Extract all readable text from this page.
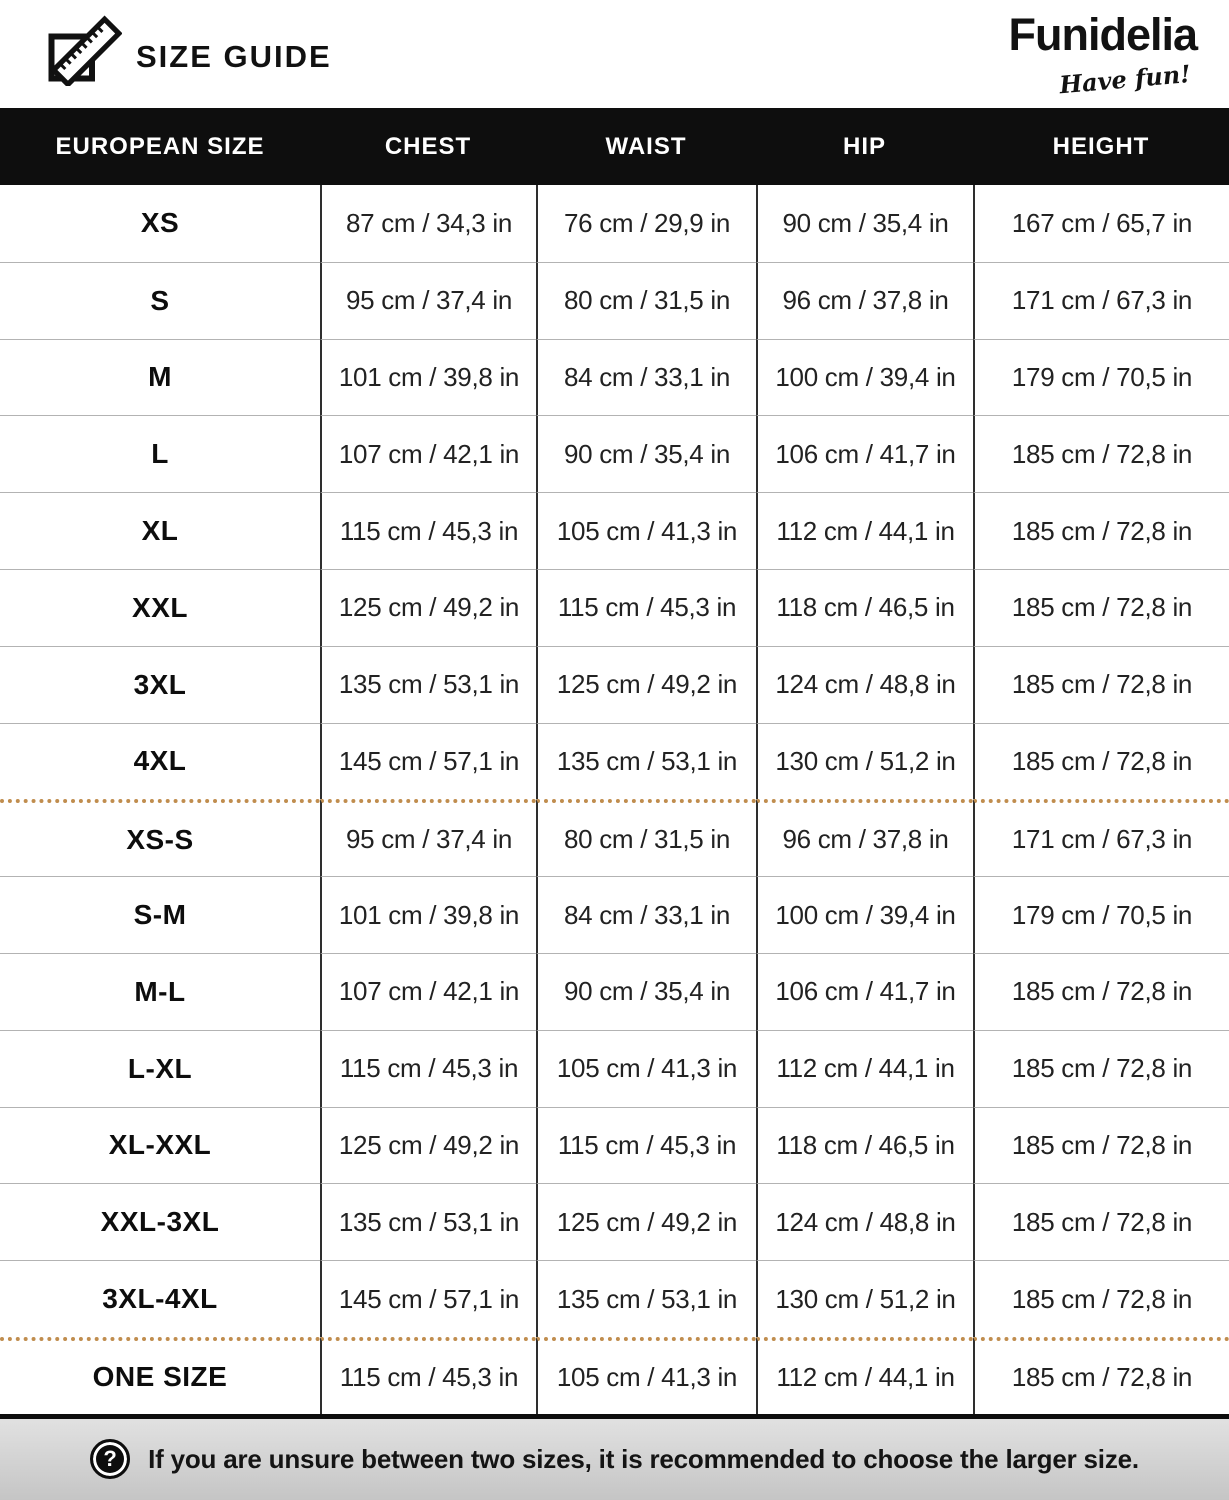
SIZE GUIDE	Funidelia
Have fun!
EUROPEAN SIZE	CHEST	WAIST	HIP	HEIGHT
XS	87 cm / 34,3 in	76 cm / 29,9 in	90 cm / 35,4 in	167 cm / 65,7 in
S	95 cm / 37,4 in	80 cm / 31,5 in	96 cm / 37,8 in	171 cm / 67,3 in
M	101 cm / 39,8 in	84 cm / 33,1 in	100 cm / 39,4 in	179 cm / 70,5 in
L	107 cm / 42,1 in	90 cm / 35,4 in	106 cm / 41,7 in	185 cm / 72,8 in
XL	115 cm / 45,3 in	105 cm / 41,3 in	112 cm / 44,1 in	185 cm / 72,8 in
XXL	125 cm / 49,2 in	115 cm / 45,3 in	118 cm / 46,5 in	185 cm / 72,8 in
3XL	135 cm / 53,1 in	125 cm / 49,2 in	124 cm / 48,8 in	185 cm / 72,8 in
4XL	145 cm / 57,1 in	135 cm / 53,1 in	130 cm / 51,2 in	185 cm / 72,8 in
XS-S	95 cm / 37,4 in	80 cm / 31,5 in	96 cm / 37,8 in	171 cm / 67,3 in
S-M	101 cm / 39,8 in	84 cm / 33,1 in	100 cm / 39,4 in	179 cm / 70,5 in
M-L	107 cm / 42,1 in	90 cm / 35,4 in	106 cm / 41,7 in	185 cm / 72,8 in
L-XL	115 cm / 45,3 in	105 cm / 41,3 in	112 cm / 44,1 in	185 cm / 72,8 in
XL-XXL	125 cm / 49,2 in	115 cm / 45,3 in	118 cm / 46,5 in	185 cm / 72,8 in
XXL-3XL	135 cm / 53,1 in	125 cm / 49,2 in	124 cm / 48,8 in	185 cm / 72,8 in
3XL-4XL	145 cm / 57,1 in	135 cm / 53,1 in	130 cm / 51,2 in	185 cm / 72,8 in
ONE SIZE	115 cm / 45,3 in	105 cm / 41,3 in	112 cm / 44,1 in	185 cm / 72,8 in
?	If you are unsure between two sizes, it is recommended to choose the larger size.
